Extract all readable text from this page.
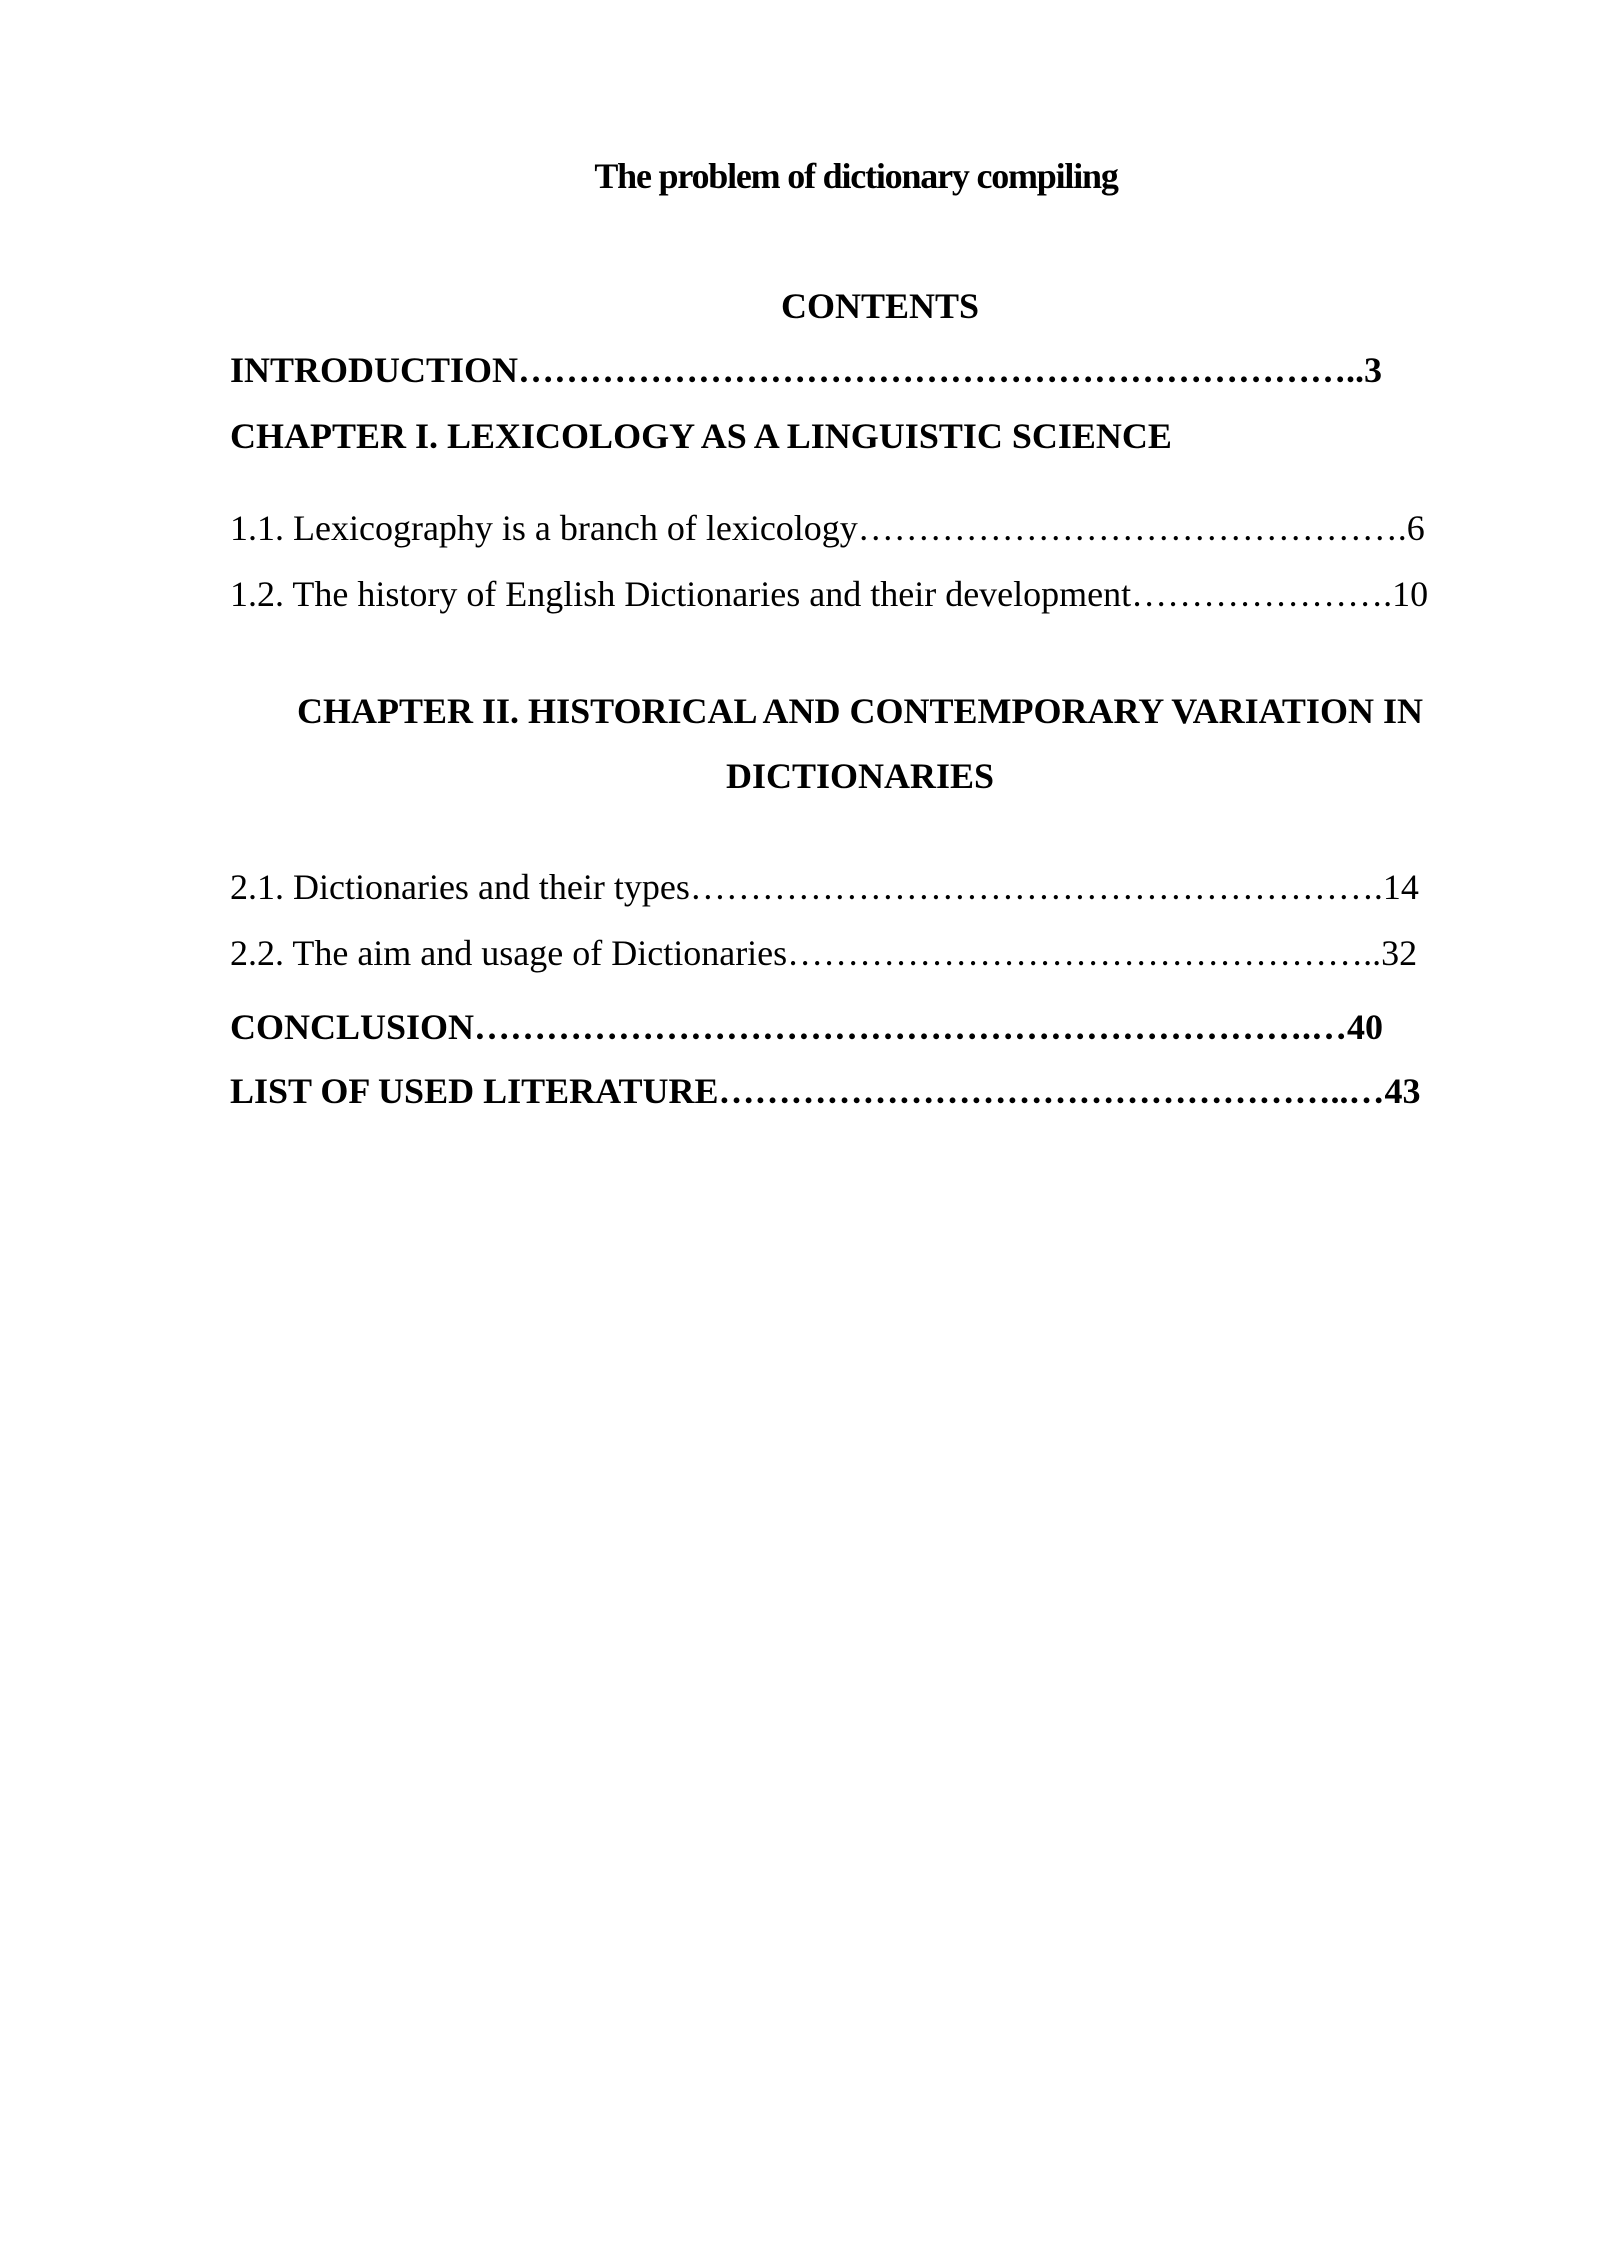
The problem of dictionary compiling
CONTENTS
INTRODUCTION……………………………………………………………..3
CHAPTER I. LEXICOLOGY AS A LINGUISTIC SCIENCE
1.1. Lexicography is a branch of lexicology……………………………………….6
1.2. The history of English Dictionaries and their development………………….10
CHAPTER II. HISTORICAL AND CONTEMPORARY VARIATION IN
DICTIONARIES
2.1. Dictionaries and their types………………………………………………….14
2.2. The aim and usage of Dictionaries…………………………………………..32
CONCLUSION…………………………………………………………….…40
LIST OF USED LITERATURE……………………………………………..…43
